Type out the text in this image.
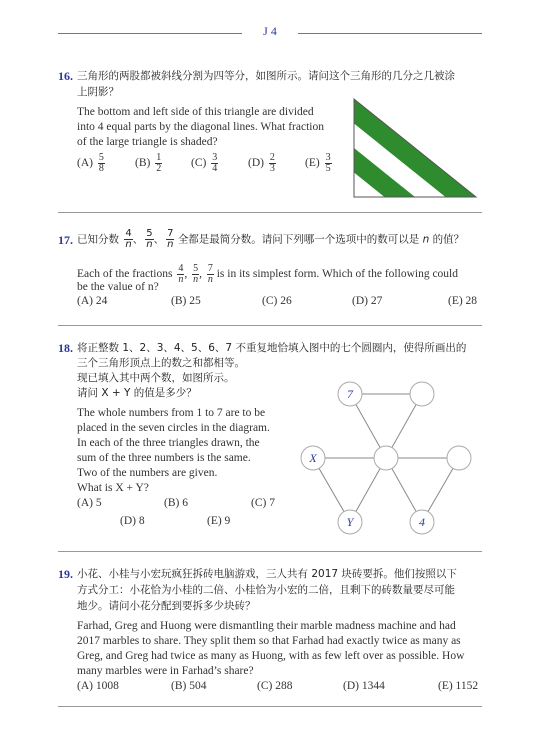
J 4
16. 三角形的两股都被斜线分割为四等分，如图所示。请问这个三角形的几分之几被涂
上阴影？
The bottom and left side of this triangle are divided
into 4 equal parts by the diagonal lines. What fraction
of the large triangle is shaded?
$(A) \frac{5}{8}$	$(B) \frac{1}{2}$	$(C) \frac{3}{4}$	$(D) \frac{2}{3}$	$(E) \frac{3}{5}$
17. 已知分数 $\frac{4}{n}$、 $\frac{5}{n}$、 $\frac{7}{n}$ 全都是最简分数。请问下列哪一个选项中的数可以是 n 的值？
Each of the fractions $\frac{4}{n}$, $\frac{5}{n}$, $\frac{7}{n}$ is in its simplest form. Which of the following could
be the value of n?
(A) 24	(B) 25	(C) 26	(D) 27	(E) 28
18. 将正整数 1、2、3、4、5、6、7 不重复地恰填入图中的七个圆圈内，使得所画出的
三个三角形顶点上的数之和都相等。
现已填入其中两个数，如图所示。
请问 X + Y 的值是多少？
The whole numbers from 1 to 7 are to be
placed in the seven circles in the diagram.
In each of the three triangles drawn, the
sum of the three numbers is the same.
Two of the numbers are given.
What is X + Y?
(A) 5	(B) 6	(C) 7
(D) 8	(E) 9
7
X
Y	4
19. 小花、小桂与小宏玩疯狂拆砖电脑游戏，三人共有 2017 块砖要拆。他们按照以下
方式分工：小花恰为小桂的二倍、小桂恰为小宏的二倍，且剩下的砖数量要尽可能
地少。请问小花分配到要拆多少块砖？
Farhad, Greg and Huong were dismantling their marble madness machine and had
2017 marbles to share. They split them so that Farhad had exactly twice as many as
Greg, and Greg had twice as many as Huong, with as few left over as possible. How
many marbles were in Farhad’s share?
(A) 1008	(B) 504	(C) 288	(D) 1344	(E) 1152
